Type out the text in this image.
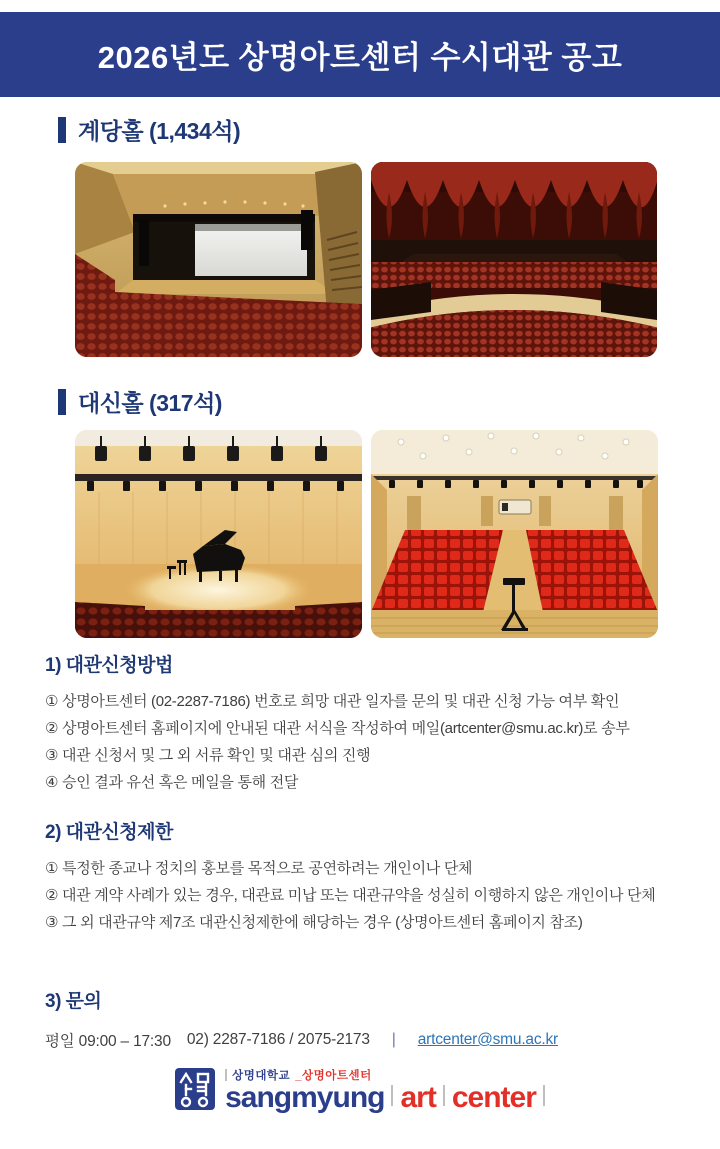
2026년도 상명아트센터 수시대관 공고
계당홀 (1,434석)
대신홀 (317석)
1) 대관신청방법
① 상명아트센터 (02-2287-7186) 번호로 희망 대관 일자를 문의 및 대관 신청 가능 여부 확인
② 상명아트센터 홈페이지에 안내된 대관 서식을 작성하여 메일(artcenter@smu.ac.kr)로 송부
③ 대관 신청서 및 그 외 서류 확인 및 대관 심의 진행
④ 승인 결과 유선 혹은 메일을 통해 전달
2) 대관신청제한
① 특정한 종교나 정치의 홍보를 목적으로 공연하려는 개인이나 단체
② 대관 계약 사례가 있는 경우, 대관료 미납 또는 대관규약을 성실히 이행하지 않은 개인이나 단체
③ 그 외 대관규약 제7조 대관신청제한에 해당하는 경우 (상명아트센터 홈페이지 참조)
3) 문의
평일 09:00 – 17:30 02) 2287-7186 / 2075-2173	|	artcenter@smu.ac.kr
상명대학교 _상명아트센터
sangmyung art center
